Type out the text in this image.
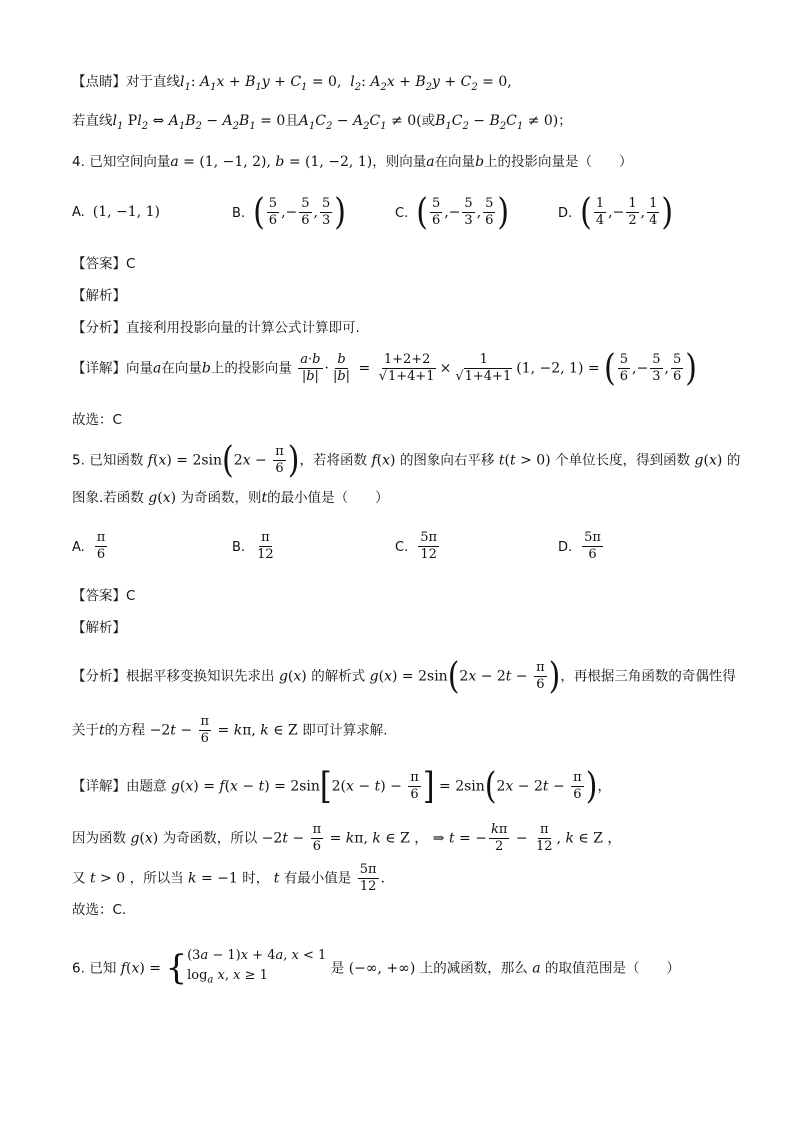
【点睛】对于直线$l_1$: $A_1x + B_1y + C_1 = 0$,  $l_2$: $A_2x + B_2y + C_2 = 0$,
若直线$l_1$ $Pl_2$ ⇔ $A_1B_2 - A_2B_1 = 0$且$A_1C_2 - A_2C_1 \ne 0$(或$B_1C_2 - B_2C_1 \ne 0$)；
4. 已知空间向量a = (1, −1, 2), b = (1, −2, 1)，则向量a在向量b上的投影向量是（　　）
A. (1, −1, 1)	B. ( $\frac{5}{6}$ ,− $\frac{5}{6}$ , $\frac{5}{3}$ )	C. ( $\frac{5}{6}$ ,− $\frac{5}{3}$ , $\frac{5}{6}$ )	D. ( $\frac{1}{4}$ ,− $\frac{1}{2}$ , $\frac{1}{4}$ )
【答案】C
【解析】
【分析】直接利用投影向量的计算公式计算即可.
【详解】向量a在向量b上的投影向量 $\frac{a\cdot b}{|b|} \cdot \frac{b}{|b|} = \frac{1+2+2}{√1+4+1} \times \frac{1}{√1+4+1} (1$, −2, 1) = ( $\frac{5}{6}$ ,− $\frac{5}{3}$ , $\frac{5}{6}$ )
故选：C
5. 已知函数 $f(x) = 2\sin(2x - \frac{\pi}{6}$ )，若将函数 f(x) 的图象向右平移 t(t > 0) 个单位长度，得到函数 g(x) 的
图象.若函数 g(x) 为奇函数，则t的最小值是（　　）
A. $\frac{\pi}{6}$	B. $\frac{\pi}{12}$	C. $\frac{5\pi}{12}$	D. $\frac{5\pi}{6}$
【答案】C
【解析】
【分析】根据平移变换知识先求出 g(x) 的解析式 $g(x) = 2\sin(2x - 2t - \frac{\pi}{6}$ )，再根据三角函数的奇偶性得
关于t的方程 $-2t - \frac{\pi}{6} = k\pi$, k ∈ Z 即可计算求解.
【详解】由题意 $g(x) = f(x - t) = 2\sin[2(x - t) - \frac{\pi}{6}$ ] = $2\sin(2x - 2t - \frac{\pi}{6}$ )，
因为函数 g(x) 为奇函数，所以 $-2t - \frac{\pi}{6} = k\pi$, k ∈ Z ， ⇒ t = − $\frac{k\pi}{2} - \frac{\pi}{12}$ , k ∈ Z ，
又 t > 0 ，所以当 k = −1 时， t 有最小值是 $\frac{5\pi}{12}$ .
故选：C.
6. 已知 f(x) = { (3a − 1)x + 4a, x < 1
$\log_a x$, x ≥ 1	是 (−∞, +∞) 上的减函数，那么 a 的取值范围是（　　）
